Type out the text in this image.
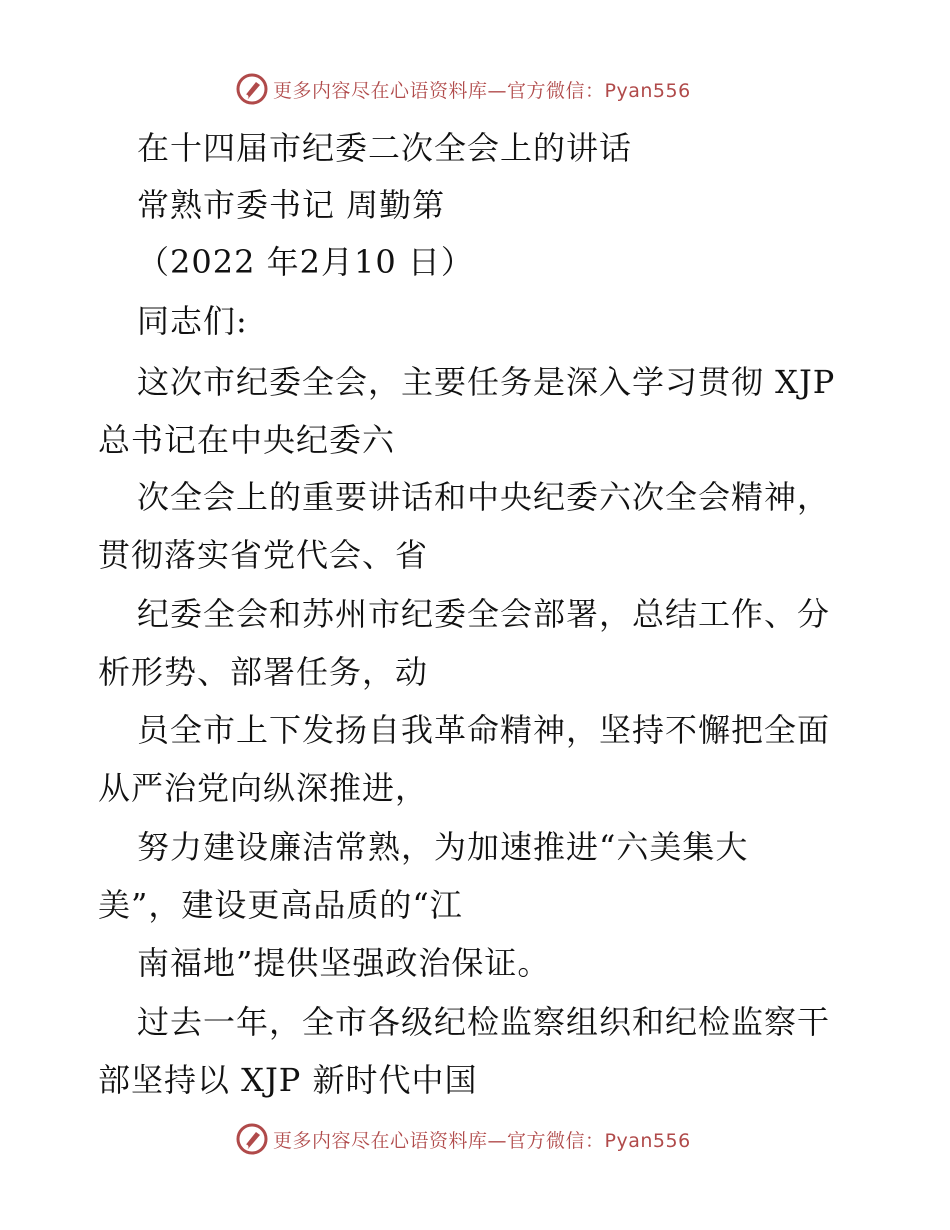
更多内容尽在心语资料库—官方微信：Pyan556
在十四届市纪委二次全会上的讲话
常熟市委书记 周勤第
（2022 年2月10 日）
同志们:
这次市纪委全会，主要任务是深入学习贯彻 XJP
总书记在中央纪委六
次全会上的重要讲话和中央纪委六次全会精神，
贯彻落实省党代会、省
纪委全会和苏州市纪委全会部署，总结工作、分
析形势、部署任务，动
员全市上下发扬自我革命精神，坚持不懈把全面
从严治党向纵深推进，
努力建设廉洁常熟，为加速推进“六美集大
美”，建设更高品质的“江
南福地”提供坚强政治保证。
过去一年，全市各级纪检监察组织和纪检监察干
部坚持以 XJP 新时代中国
更多内容尽在心语资料库—官方微信：Pyan556
